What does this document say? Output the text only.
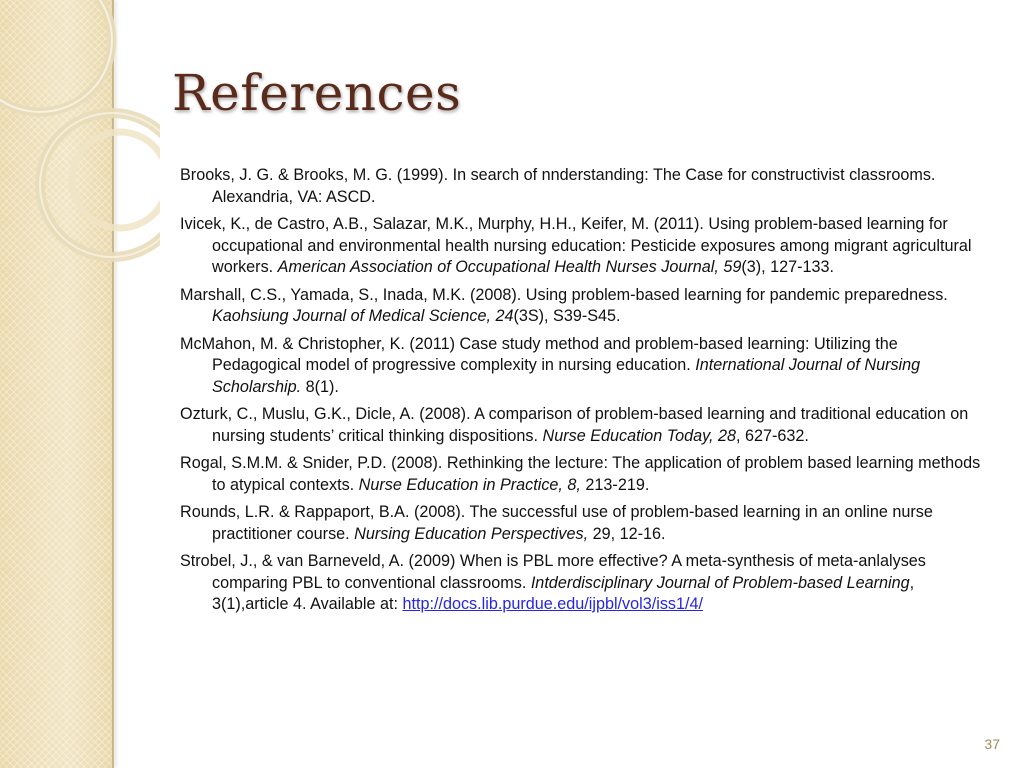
References

Brooks, J. G. & Brooks, M. G. (1999). In search of nnderstanding: The Case for constructivist classrooms. Alexandria, VA: ASCD.

Ivicek, K., de Castro, A.B., Salazar, M.K., Murphy, H.H., Keifer, M. (2011). Using problem-based learning for occupational and environmental health nursing education: Pesticide exposures among migrant agricultural workers. American Association of Occupational Health Nurses Journal, 59(3), 127-133.

Marshall, C.S., Yamada, S., Inada, M.K. (2008). Using problem-based learning for pandemic preparedness. Kaohsiung Journal of Medical Science, 24(3S), S39-S45.

McMahon, M. & Christopher, K. (2011) Case study method and problem-based learning: Utilizing the Pedagogical model of progressive complexity in nursing education. International Journal of Nursing Scholarship. 8(1).

Ozturk, C., Muslu, G.K., Dicle, A. (2008). A comparison of problem-based learning and traditional education on nursing students’ critical thinking dispositions. Nurse Education Today, 28, 627-632.

Rogal, S.M.M. & Snider, P.D. (2008). Rethinking the lecture: The application of problem based learning methods to atypical contexts. Nurse Education in Practice, 8, 213-219.

Rounds, L.R. & Rappaport, B.A. (2008). The successful use of problem-based learning in an online nurse practitioner course. Nursing Education Perspectives, 29, 12-16.

Strobel, J., & van Barneveld, A. (2009) When is PBL more effective? A meta-synthesis of meta-anlalyses comparing PBL to conventional classrooms. Intderdisciplinary Journal of Problem-based Learning, 3(1),article 4. Available at: http://docs.lib.purdue.edu/ijpbl/vol3/iss1/4/

37
